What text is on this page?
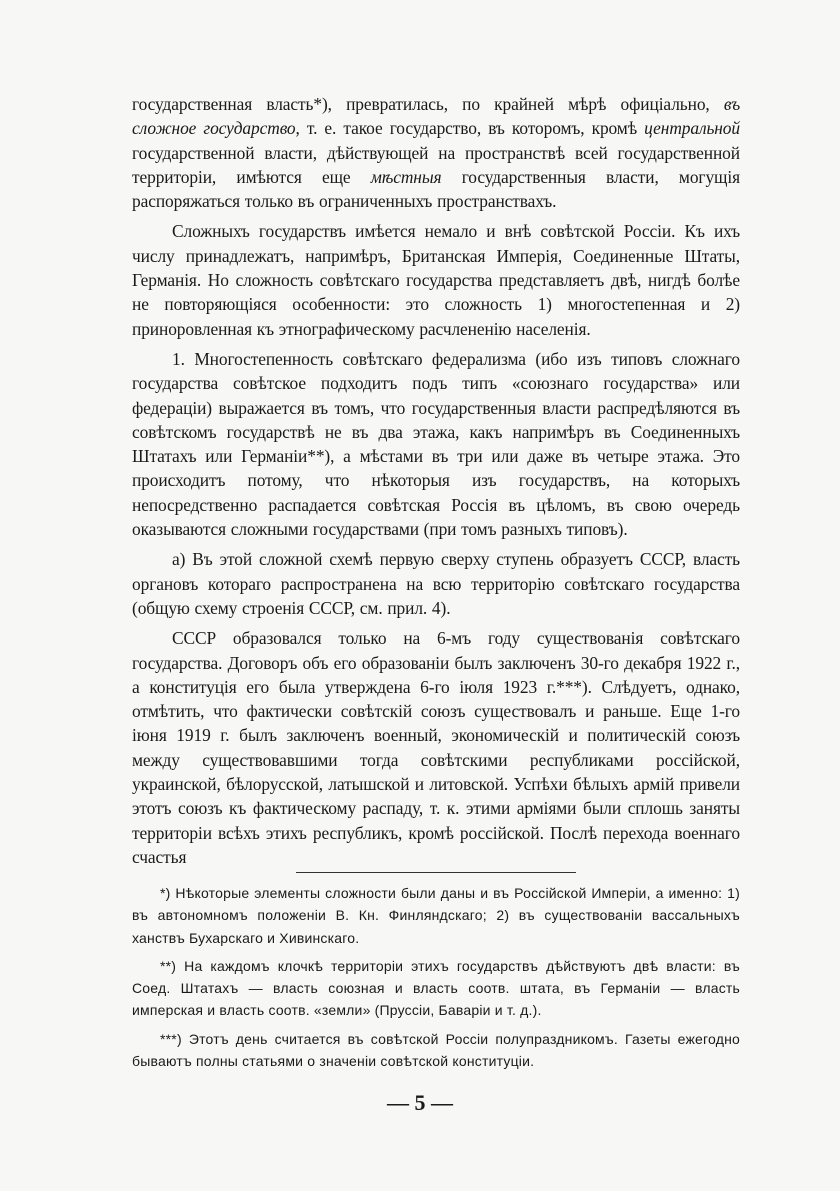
государственная власть*), превратилась, по крайней мѣрѣ офиціально, въ сложное государство, т. е. такое государство, въ которомъ, кромѣ центральной государственной власти, дѣйствующей на пространствѣ всей государственной территоріи, имѣются еще мѣстныя государственныя власти, могущія распоряжаться только въ ограниченныхъ пространствахъ.

Сложныхъ государствъ имѣется немало и внѣ совѣтской Россіи. Къ ихъ числу принадлежатъ, напримѣръ, Британская Имперія, Соединенные Штаты, Германія. Но сложность совѣтскаго государства представляетъ двѣ, нигдѣ болѣе не повторяющіяся особенности: это сложность 1) многостепенная и 2) приноровленная къ этнографическому расчлененію населенія.

1. Многостепенность совѣтскаго федерализма (ибо изъ типовъ сложнаго государства совѣтское подходитъ подъ типъ «союзнаго государства» или федераціи) выражается въ томъ, что государственныя власти распредѣляются въ совѣтскомъ государствѣ не въ два этажа, какъ напримѣръ въ Соединенныхъ Штатахъ или Германіи**), а мѣстами въ три или даже въ четыре этажа. Это происходитъ потому, что нѣкоторыя изъ государствъ, на которыхъ непосредственно распадается совѣтская Россія въ цѣломъ, въ свою очередь оказываются сложными государствами (при томъ разныхъ типовъ).

а) Въ этой сложной схемѣ первую сверху ступень образуетъ СССР, власть органовъ котораго распространена на всю территорію совѣтскаго государства (общую схему строенія СССР, см. прил. 4).

СССР образовался только на 6-мъ году существованія совѣтскаго государства. Договоръ объ его образованіи былъ заключенъ 30-го декабря 1922 г., а конституція его была утверждена 6-го іюля 1923 г.***). Слѣдуетъ, однако, отмѣтить, что фактически совѣтскій союзъ существовалъ и раньше. Еще 1-го іюня 1919 г. былъ заключенъ военный, экономическій и политическій союзъ между существовавшими тогда совѣтскими республиками россійской, украинской, бѣлорусской, латышской и литовской. Успѣхи бѣлыхъ армій привели этотъ союзъ къ фактическому распаду, т. к. этими арміями были сплошь заняты территоріи всѣхъ этихъ республикъ, кромѣ россійской. Послѣ перехода военнаго счастья

*) Нѣкоторые элементы сложности были даны и въ Россійской Имперіи, а именно: 1) въ автономномъ положеніи В. Кн. Финляндскаго; 2) въ существованіи вассальныхъ ханствъ Бухарскаго и Хивинскаго.

**) На каждомъ клочкѣ территоріи этихъ государствъ дѣйствуютъ двѣ власти: въ Соед. Штатахъ — власть союзная и власть соотв. штата, въ Германіи — власть имперская и власть соотв. «земли» (Пруссіи, Баваріи и т. д.).

***) Этотъ день считается въ совѣтской Россіи полупраздникомъ. Газеты ежегодно бываютъ полны статьями о значеніи совѣтской конституціи.

— 5 —
